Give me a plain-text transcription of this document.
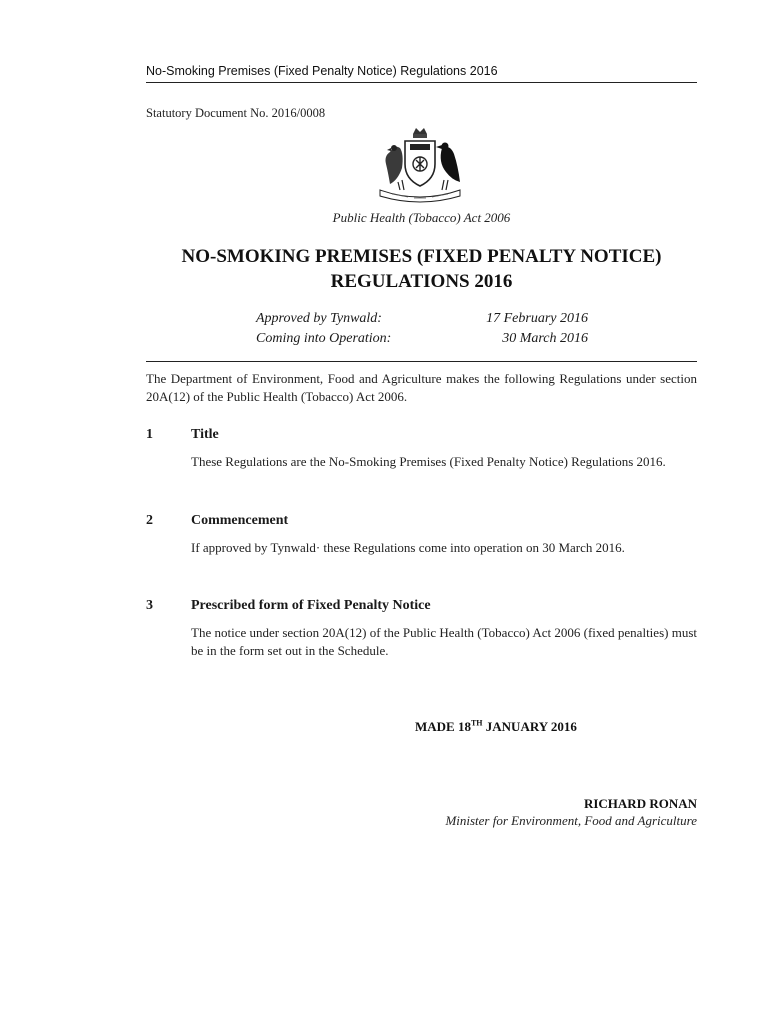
No-Smoking Premises (Fixed Penalty Notice) Regulations 2016
Statutory Document No. 2016/0008
Public Health (Tobacco) Act 2006
NO-SMOKING PREMISES (FIXED PENALTY NOTICE)
REGULATIONS 2016
Approved by Tynwald:	17 February 2016
Coming into Operation:	30 March 2016
The Department of Environment, Food and Agriculture makes the following Regulations under section 20A(12) of the Public Health (Tobacco) Act 2006.
1	Title
These Regulations are the No-Smoking Premises (Fixed Penalty Notice) Regulations 2016.
2	Commencement
If approved by Tynwald· these Regulations come into operation on 30 March 2016.
3	Prescribed form of Fixed Penalty Notice
The notice under section 20A(12) of the Public Health (Tobacco) Act 2006 (fixed penalties) must be in the form set out in the Schedule.
MADE 18TH JANUARY 2016
RICHARD RONAN
Minister for Environment, Food and Agriculture
